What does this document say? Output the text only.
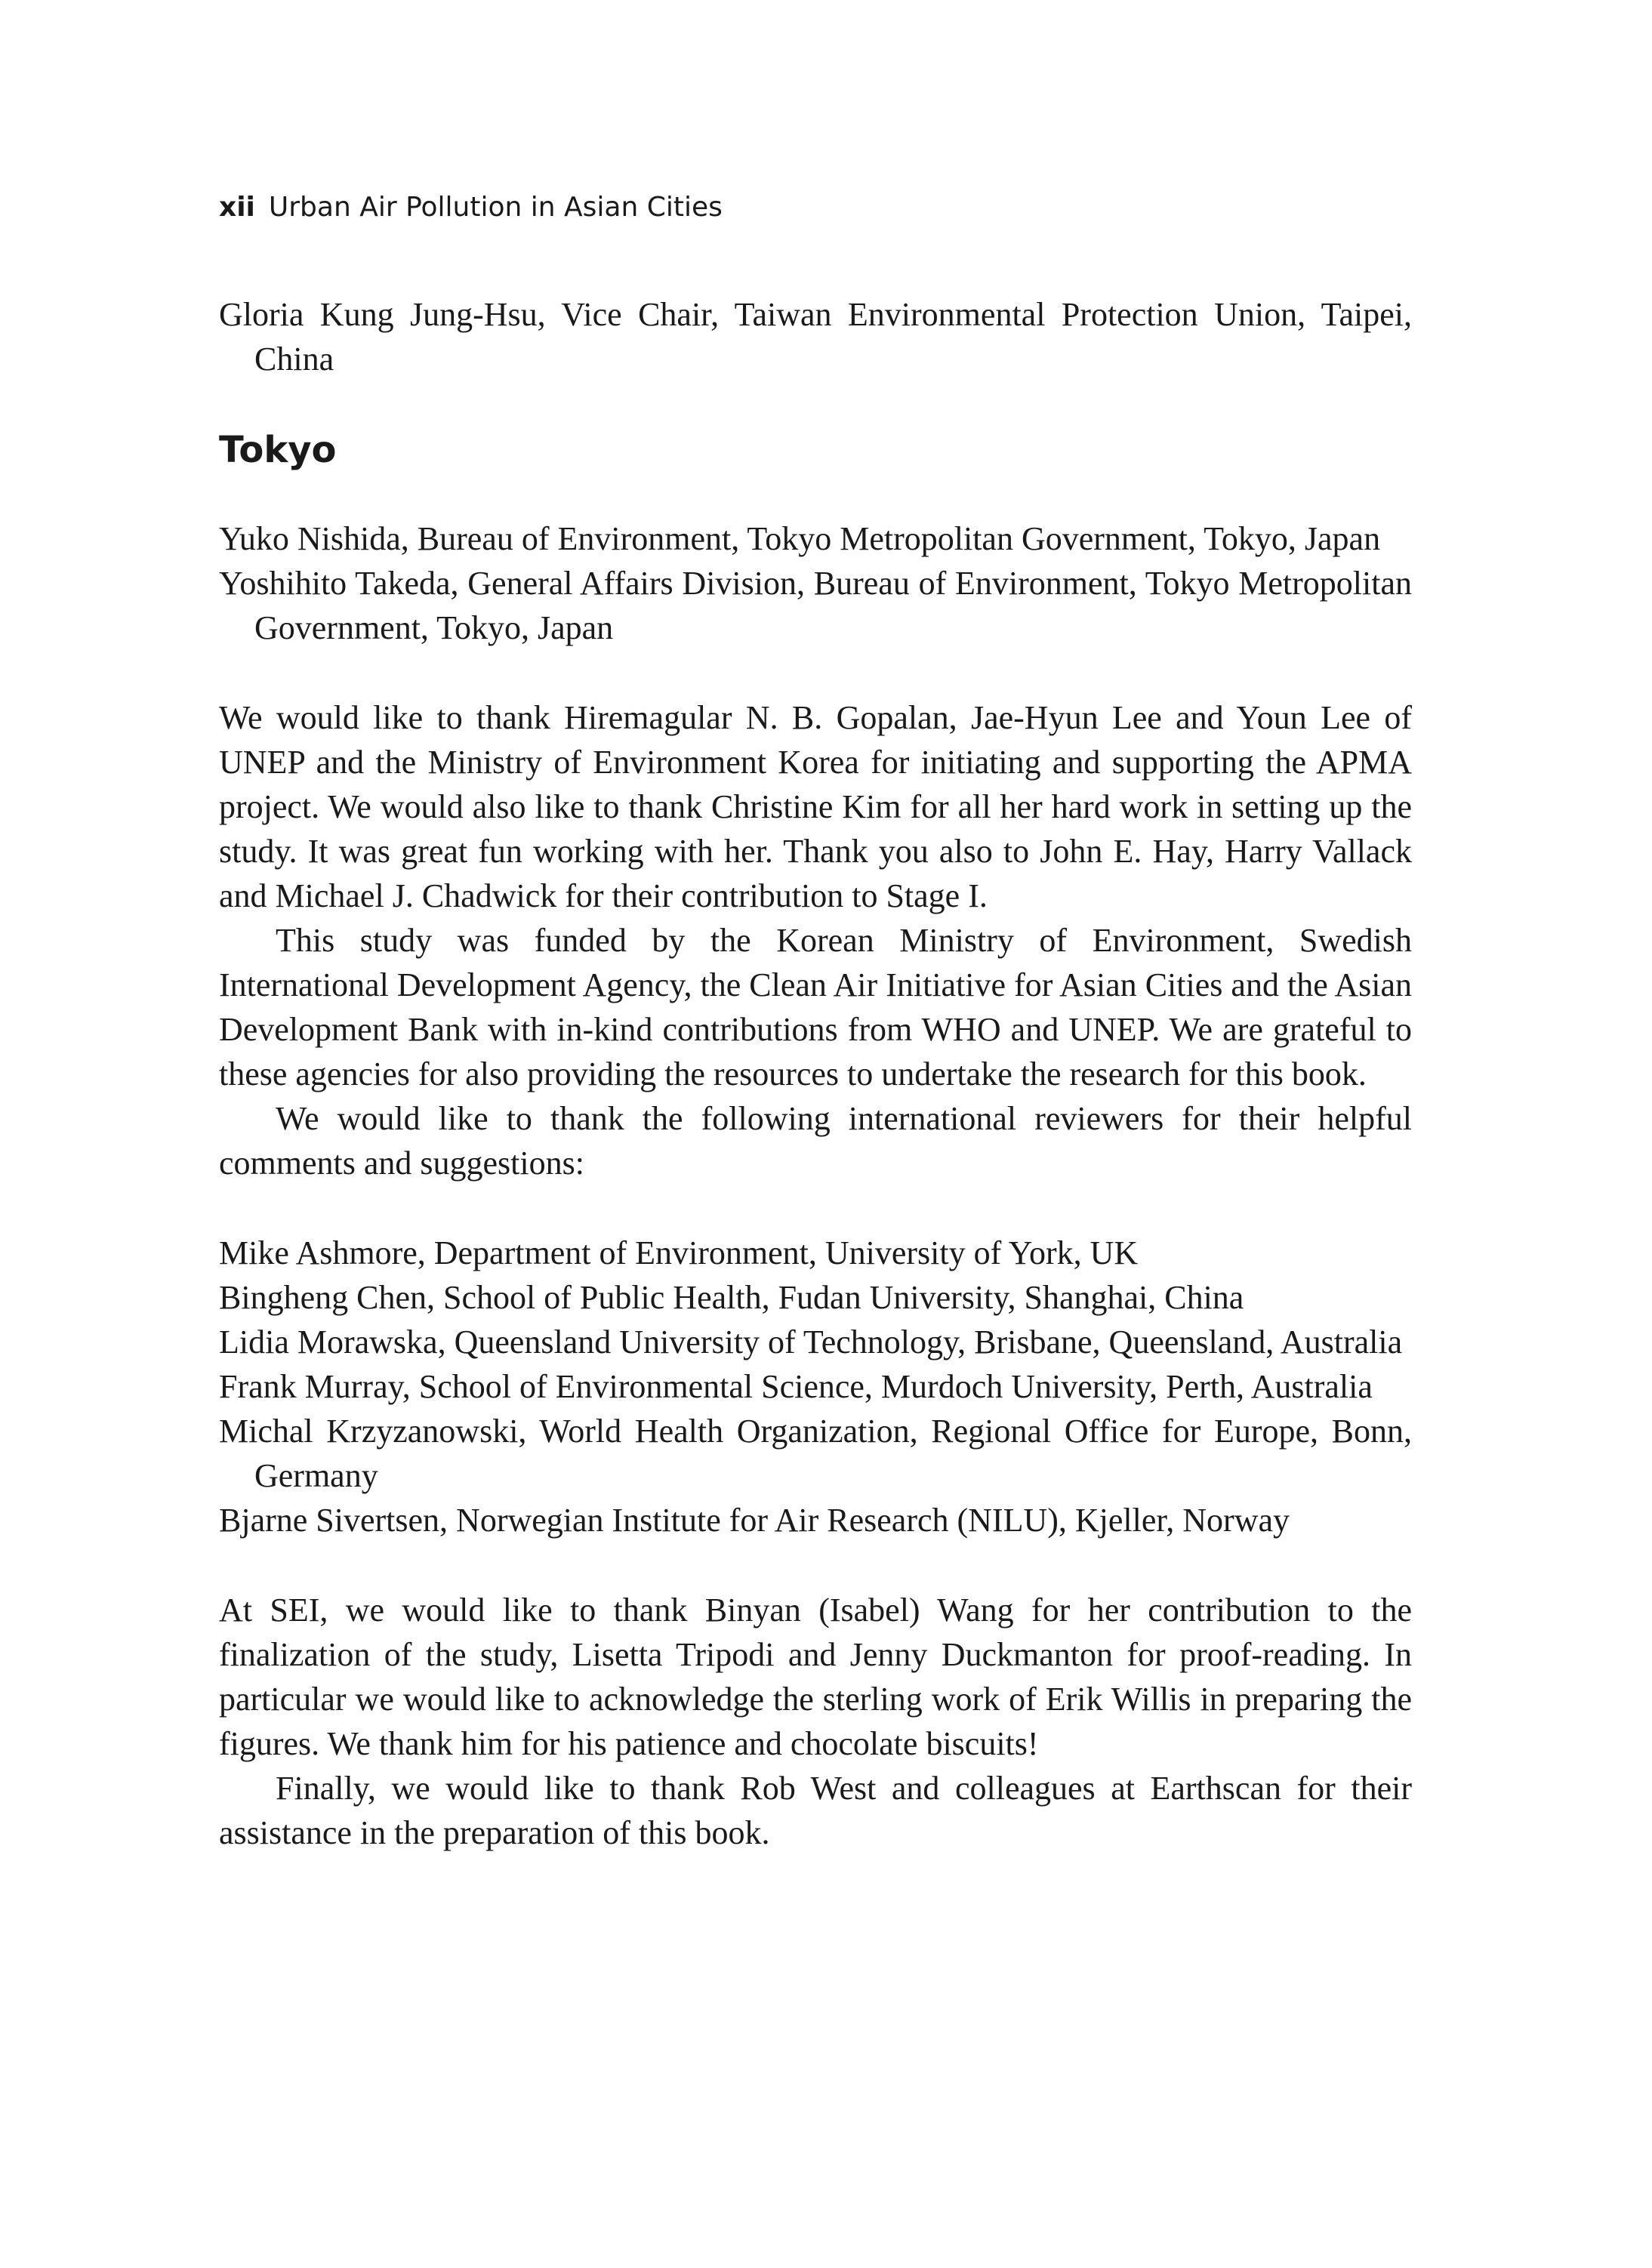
xii Urban Air Pollution in Asian Cities

Gloria Kung Jung-Hsu, Vice Chair, Taiwan Environmental Protection Union, Taipei, China

Tokyo

Yuko Nishida, Bureau of Environment, Tokyo Metropolitan Government, Tokyo, Japan

Yoshihito Takeda, General Affairs Division, Bureau of Environment, Tokyo Metropolitan Government, Tokyo, Japan

We would like to thank Hiremagular N. B. Gopalan, Jae-Hyun Lee and Youn Lee of UNEP and the Ministry of Environment Korea for initiating and supporting the APMA project. We would also like to thank Christine Kim for all her hard work in setting up the study. It was great fun working with her. Thank you also to John E. Hay, Harry Vallack and Michael J. Chadwick for their contribution to Stage I.

This study was funded by the Korean Ministry of Environment, Swedish International Development Agency, the Clean Air Initiative for Asian Cities and the Asian Development Bank with in-kind contributions from WHO and UNEP. We are grateful to these agencies for also providing the resources to undertake the research for this book.

We would like to thank the following international reviewers for their helpful comments and suggestions:

Mike Ashmore, Department of Environment, University of York, UK

Bingheng Chen, School of Public Health, Fudan University, Shanghai, China

Lidia Morawska, Queensland University of Technology, Brisbane, Queensland, Australia

Frank Murray, School of Environmental Science, Murdoch University, Perth, Australia

Michal Krzyzanowski, World Health Organization, Regional Office for Europe, Bonn, Germany

Bjarne Sivertsen, Norwegian Institute for Air Research (NILU), Kjeller, Norway

At SEI, we would like to thank Binyan (Isabel) Wang for her contribution to the finalization of the study, Lisetta Tripodi and Jenny Duckmanton for proof-reading. In particular we would like to acknowledge the sterling work of Erik Willis in preparing the figures. We thank him for his patience and chocolate biscuits!

Finally, we would like to thank Rob West and colleagues at Earthscan for their assistance in the preparation of this book.
